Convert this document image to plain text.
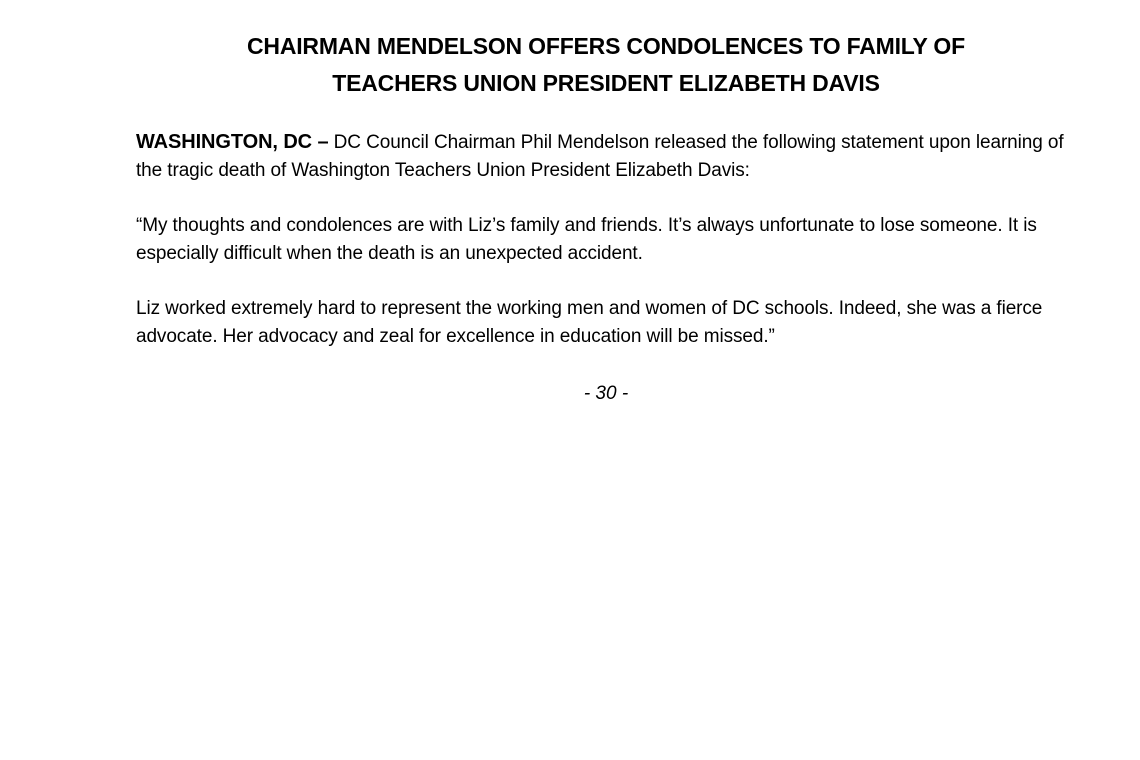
CHAIRMAN MENDELSON OFFERS CONDOLENCES TO FAMILY OF
TEACHERS UNION PRESIDENT ELIZABETH DAVIS

WASHINGTON, DC – DC Council Chairman Phil Mendelson released the following statement upon learning of the tragic death of Washington Teachers Union President Elizabeth Davis:

“My thoughts and condolences are with Liz’s family and friends. It’s always unfortunate to lose someone. It is especially difficult when the death is an unexpected accident.

Liz worked extremely hard to represent the working men and women of DC schools. Indeed, she was a fierce advocate. Her advocacy and zeal for excellence in education will be missed.”

- 30 -
